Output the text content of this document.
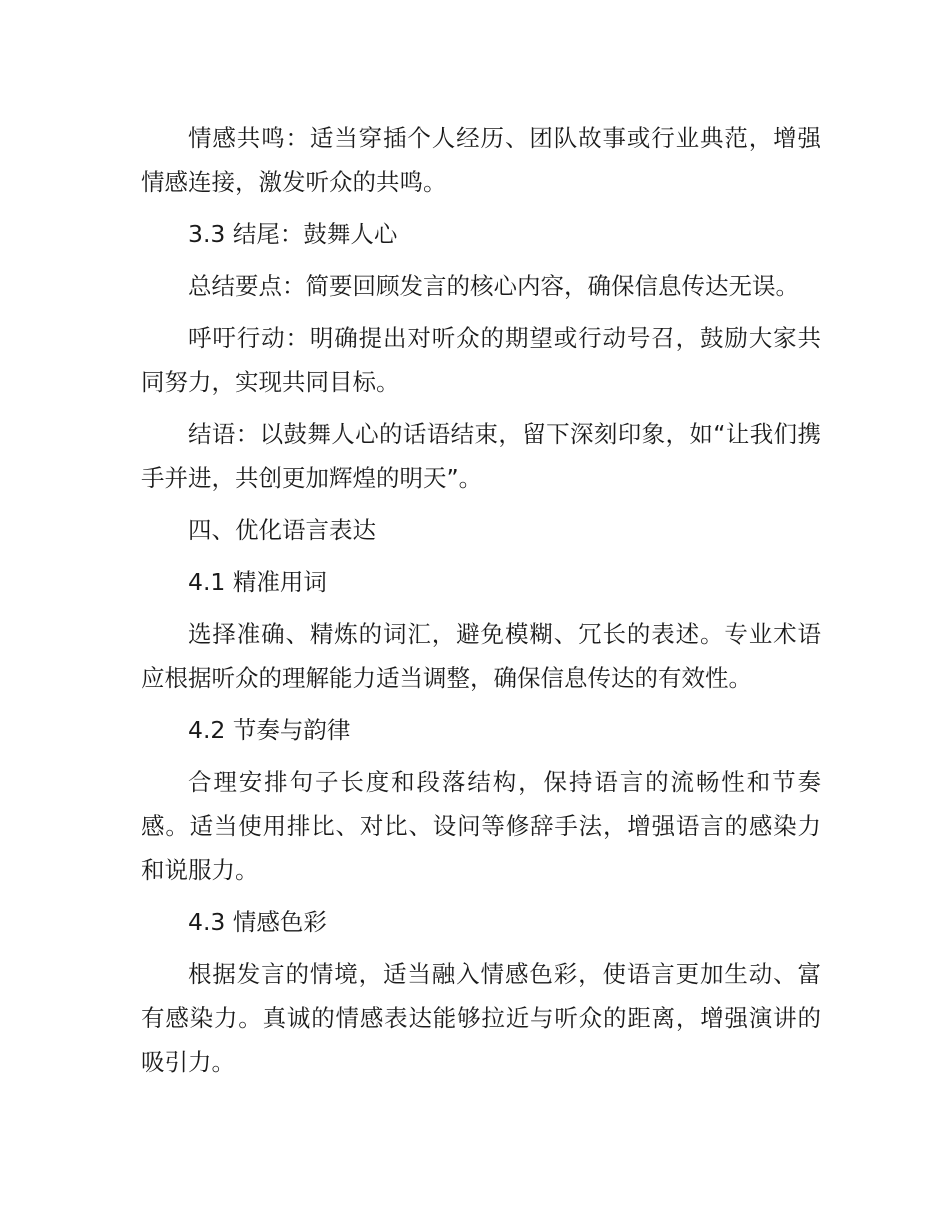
情感共鸣：适当穿插个人经历、团队故事或行业典范，增强情感连接，激发听众的共鸣。

3.3 结尾：鼓舞人心

总结要点：简要回顾发言的核心内容，确保信息传达无误。

呼吁行动：明确提出对听众的期望或行动号召，鼓励大家共同努力，实现共同目标。

结语：以鼓舞人心的话语结束，留下深刻印象，如“让我们携手并进，共创更加辉煌的明天”。

四、优化语言表达

4.1 精准用词

选择准确、精炼的词汇，避免模糊、冗长的表述。专业术语应根据听众的理解能力适当调整，确保信息传达的有效性。

4.2 节奏与韵律

合理安排句子长度和段落结构，保持语言的流畅性和节奏感。适当使用排比、对比、设问等修辞手法，增强语言的感染力和说服力。

4.3 情感色彩

根据发言的情境，适当融入情感色彩，使语言更加生动、富有感染力。真诚的情感表达能够拉近与听众的距离，增强演讲的吸引力。
